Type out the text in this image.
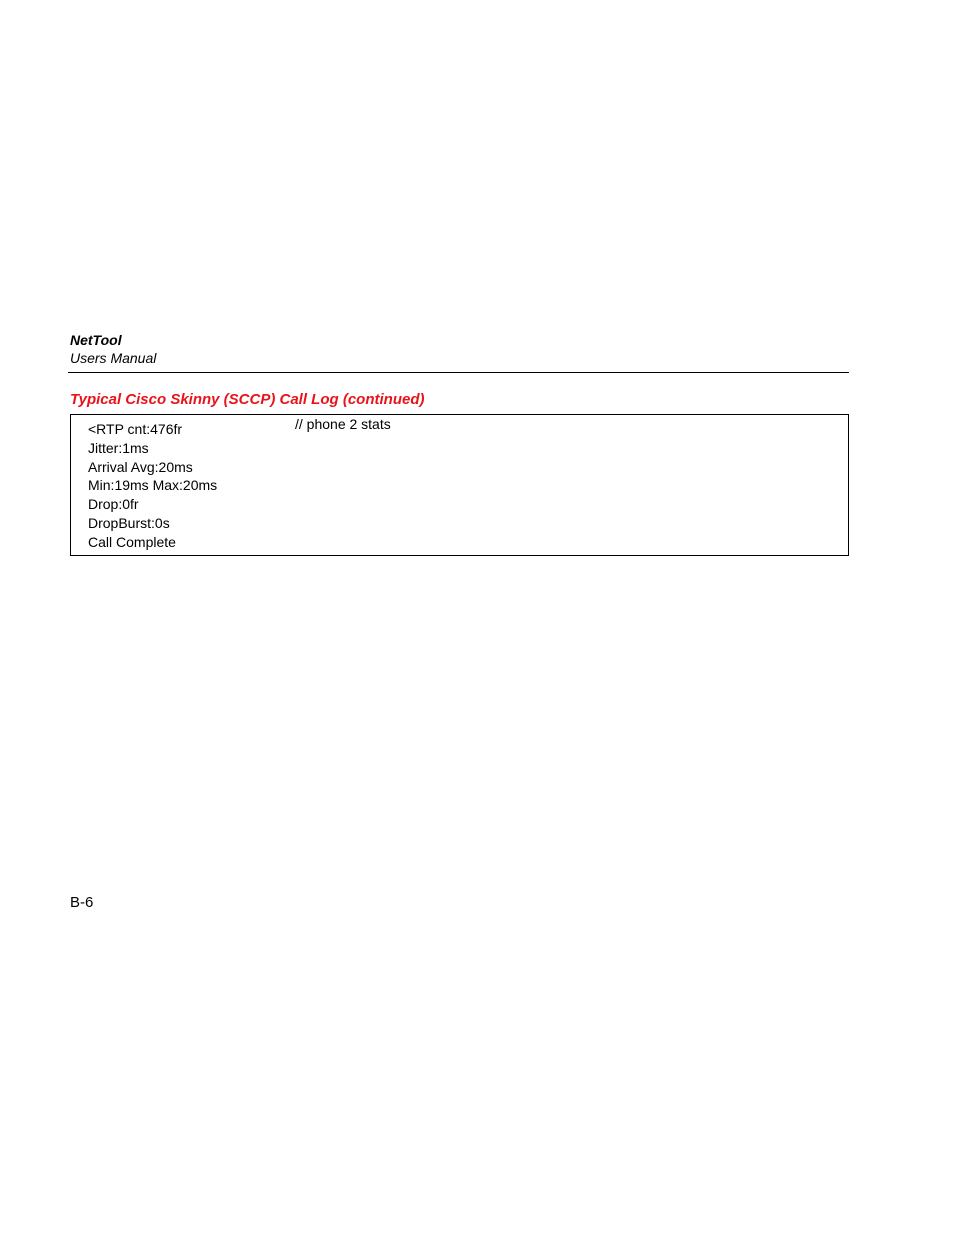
NetTool
Users Manual
Typical Cisco Skinny (SCCP) Call Log (continued)
<RTP cnt:476fr
Jitter:1ms
Arrival Avg:20ms
Min:19ms Max:20ms
Drop:0fr
DropBurst:0s
Call Complete
// phone 2 stats
B-6
